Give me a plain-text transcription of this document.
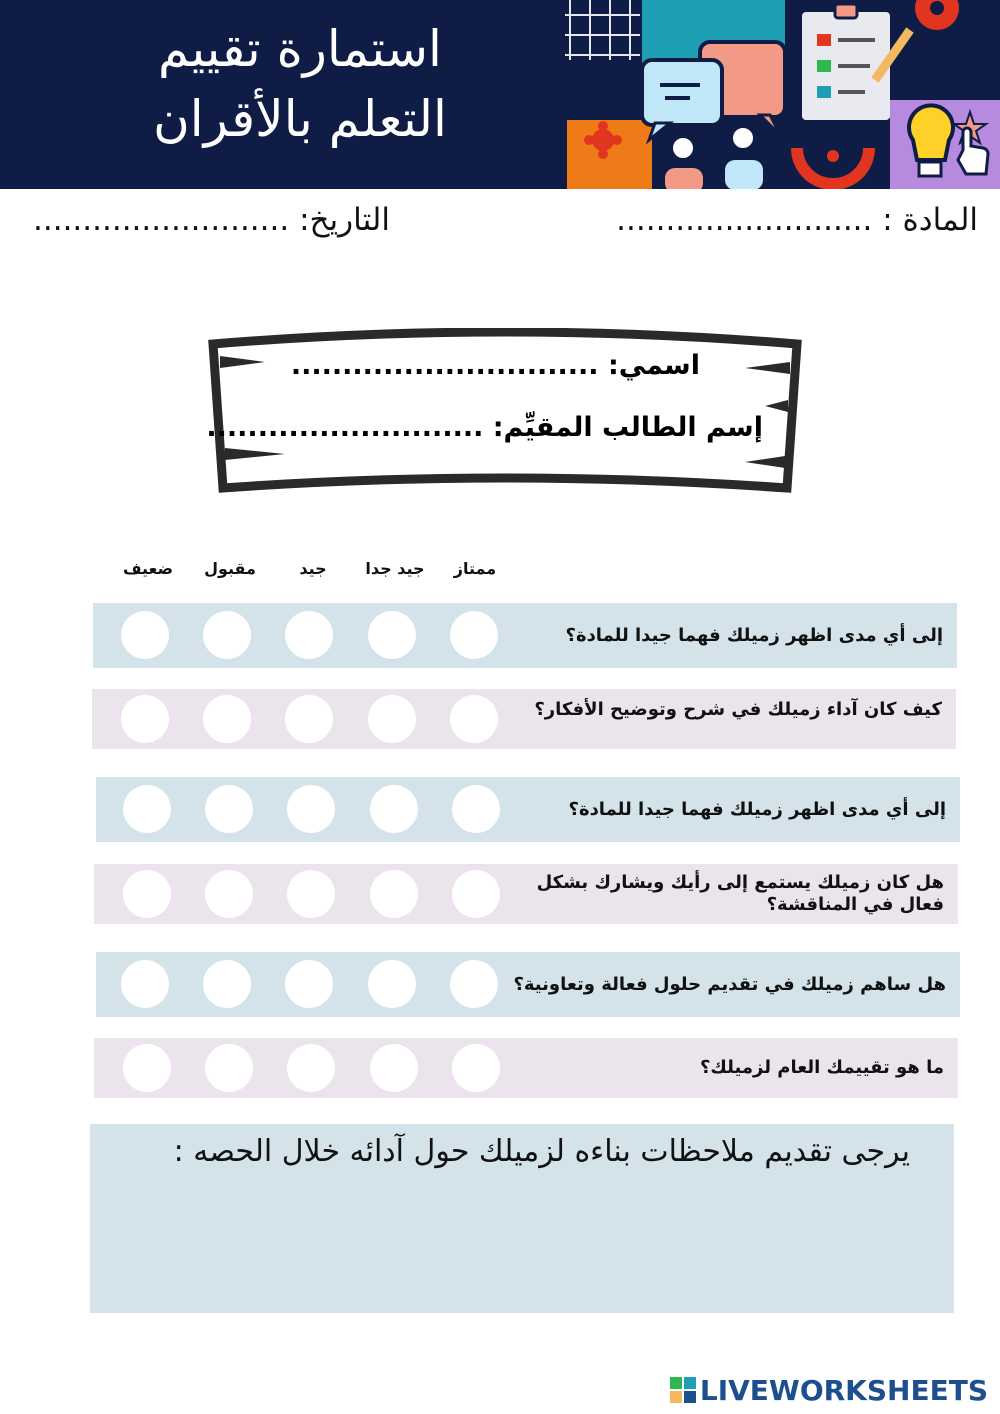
استمارة تقييم
التعلم بالأقران
المادة : ..........................
التاريخ: ..........................
اسمي: ..............................
إسم الطالب المقيِّم: ...........................
ممتاز
جيد جدا
جيد
مقبول
ضعيف
إلى أي مدى اظهر زميلك فهما جيدا للمادة؟
كيف كان آداء زميلك في شرح وتوضيح الأفكار؟
إلى أي مدى اظهر زميلك فهما جيدا للمادة؟
هل كان زميلك يستمع إلى رأيك ويشارك بشكل فعال في المناقشة؟
هل ساهم زميلك في تقديم حلول فعالة وتعاونية؟
ما هو تقييمك العام لزميلك؟
يرجى تقديم ملاحظات بناءه لزميلك حول آدائه خلال الحصه :
LIVEWORKSHEETS
